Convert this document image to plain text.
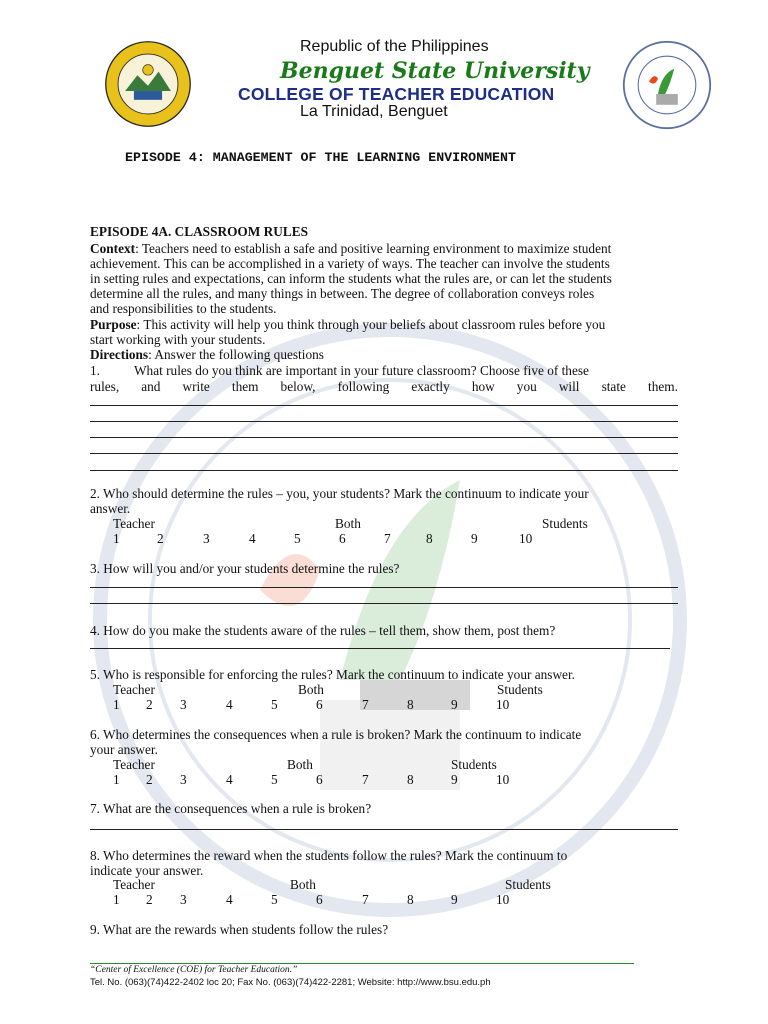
Republic of the Philippines
Benguet State University
COLLEGE OF TEACHER EDUCATION
La Trinidad, Benguet
EPISODE 4: MANAGEMENT OF THE LEARNING ENVIRONMENT
EPISODE 4A. CLASSROOM RULES
Context: Teachers need to establish a safe and positive learning environment to maximize student
achievement. This can be accomplished in a variety of ways. The teacher can involve the students
in setting rules and expectations, can inform the students what the rules are, or can let the students
determine all the rules, and many things in between. The degree of collaboration conveys roles
and responsibilities to the students.
Purpose: This activity will help you think through your beliefs about classroom rules before you
start working with your students.
Directions: Answer the following questions
1.	What rules do you think are important in your future classroom? Choose five of these
rules, and write them below, following exactly how you will state them.
2. Who should determine the rules – you, your students? Mark the continuum to indicate your
answer.
Teacher	Both	Students
1	2	3	4	5	6	7	8	9	10
3. How will you and/or your students determine the rules?
4. How do you make the students aware of the rules – tell them, show them, post them?
5. Who is responsible for enforcing the rules? Mark the continuum to indicate your answer.
Teacher	Both	Students
1 2 3	4	5	6	7	8	9	10
6. Who determines the consequences when a rule is broken? Mark the continuum to indicate
your answer.
Teacher	Both	Students
1 2 3	4	5	6	7	8	9	10
7. What are the consequences when a rule is broken?
8. Who determines the reward when the students follow the rules? Mark the continuum to
indicate your answer.
Teacher	Both	Students
1 2 3	4	5	6	7	8	9	10
9. What are the rewards when students follow the rules?
“Center of Excellence (COE) for Teacher Education.”
Tel. No. (063)(74)422-2402 loc 20; Fax No. (063)(74)422-2281; Website: http://www.bsu.edu.ph
